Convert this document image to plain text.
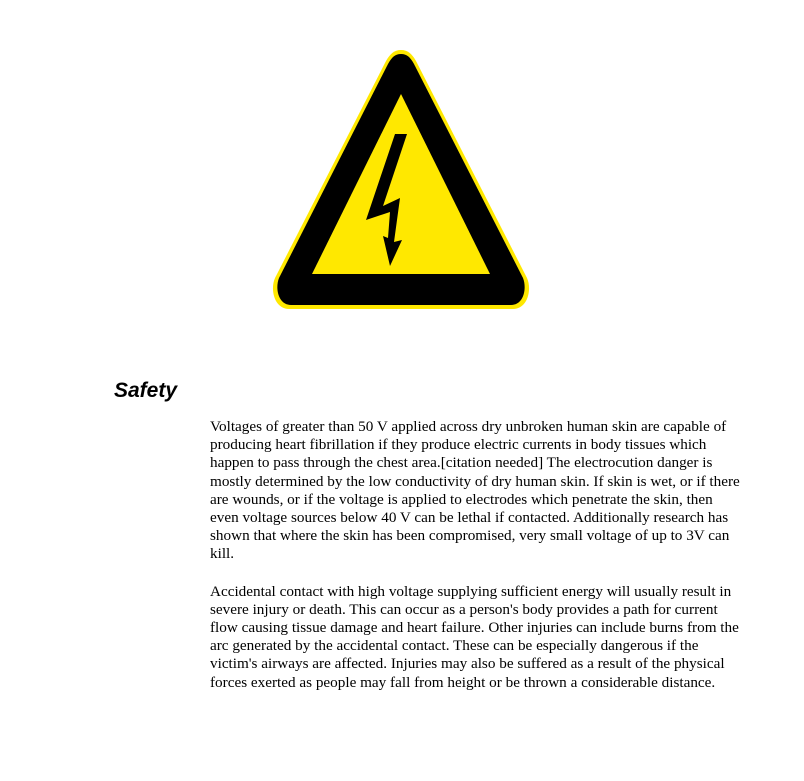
Safety

Voltages of greater than 50 V applied across dry unbroken human skin are capable of producing heart fibrillation if they produce electric currents in body tissues which happen to pass through the chest area.[citation needed] The electrocution danger is mostly determined by the low conductivity of dry human skin. If skin is wet, or if there are wounds, or if the voltage is applied to electrodes which penetrate the skin, then even voltage sources below 40 V can be lethal if contacted. Additionally research has shown that where the skin has been compromised, very small voltage of up to 3V can kill.

Accidental contact with high voltage supplying sufficient energy will usually result in severe injury or death. This can occur as a person's body provides a path for current flow causing tissue damage and heart failure. Other injuries can include burns from the arc generated by the accidental contact. These can be especially dangerous if the victim's airways are affected. Injuries may also be suffered as a result of the physical forces exerted as people may fall from height or be thrown a considerable distance.
